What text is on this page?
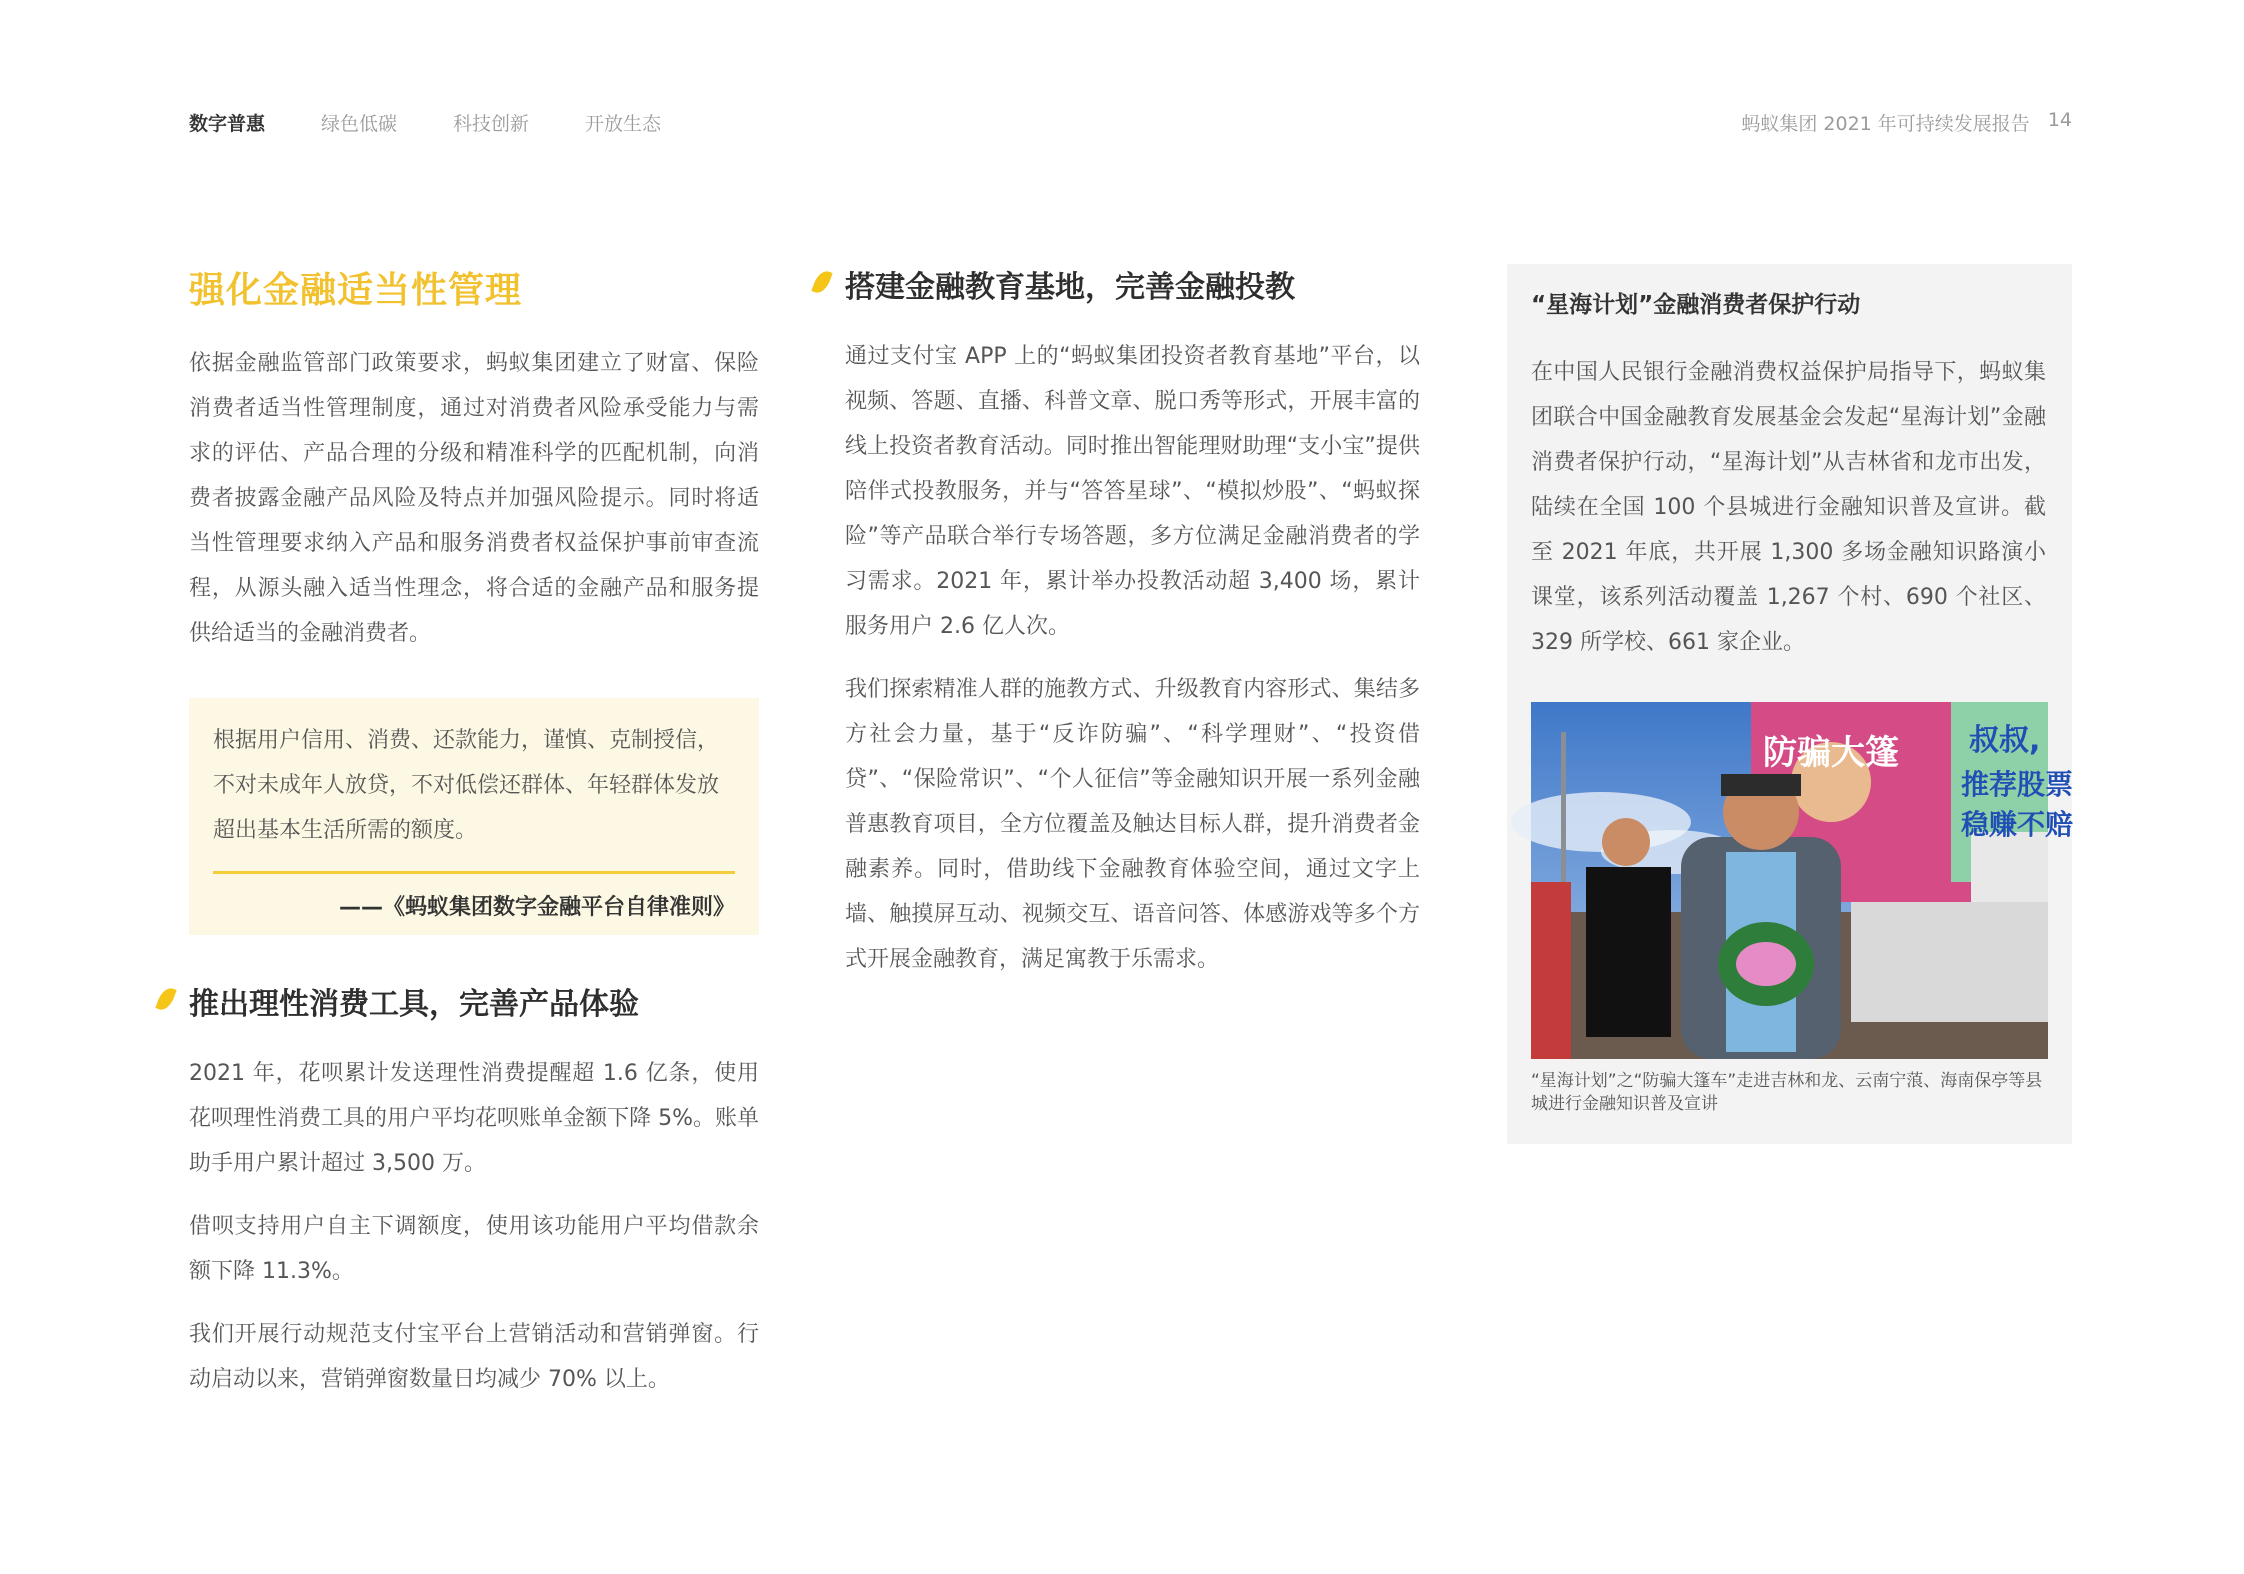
数字普惠	绿色低碳	科技创新	开放生态	蚂蚁集团 2021 年可持续发展报告 14
强化金融适当性管理

依据金融监管部门政策要求，蚂蚁集团建立了财富、保险消费者适当性管理制度，通过对消费者风险承受能力与需求的评估、产品合理的分级和精准科学的匹配机制，向消费者披露金融产品风险及特点并加强风险提示。同时将适当性管理要求纳入产品和服务消费者权益保护事前审查流程，从源头融入适当性理念，将合适的金融产品和服务提供给适当的金融消费者。

根据用户信用、消费、还款能力，谨慎、克制授信，不对未成年人放贷，不对低偿还群体、年轻群体发放超出基本生活所需的额度。

——《蚂蚁集团数字金融平台自律准则》
推出理性消费工具，完善产品体验

2021 年，花呗累计发送理性消费提醒超 1.6 亿条，使用花呗理性消费工具的用户平均花呗账单金额下降 5%。账单助手用户累计超过 3,500 万。

借呗支持用户自主下调额度，使用该功能用户平均借款余额下降 11.3%。

我们开展行动规范支付宝平台上营销活动和营销弹窗。行动启动以来，营销弹窗数量日均减少 70% 以上。

搭建金融教育基地，完善金融投教

通过支付宝 APP 上的“蚂蚁集团投资者教育基地”平台，以视频、答题、直播、科普文章、脱口秀等形式，开展丰富的线上投资者教育活动。同时推出智能理财助理“支小宝”提供陪伴式投教服务，并与“答答星球”、“模拟炒股”、“蚂蚁探险”等产品联合举行专场答题，多方位满足金融消费者的学习需求。2021 年，累计举办投教活动超 3,400 场，累计服务用户 2.6 亿人次。

我们探索精准人群的施教方式、升级教育内容形式、集结多方社会力量，基于“反诈防骗”、“科学理财”、“投资借贷”、“保险常识”、“个人征信”等金融知识开展一系列金融普惠教育项目，全方位覆盖及触达目标人群，提升消费者金融素养。同时，借助线下金融教育体验空间，通过文字上墙、触摸屏互动、视频交互、语音问答、体感游戏等多个方式开展金融教育，满足寓教于乐需求。

“星海计划”金融消费者保护行动

在中国人民银行金融消费权益保护局指导下，蚂蚁集团联合中国金融教育发展基金会发起“星海计划”金融消费者保护行动，“星海计划”从吉林省和龙市出发，陆续在全国 100 个县城进行金融知识普及宣讲。截至 2021 年底，共开展 1,300 多场金融知识路演小课堂，该系列活动覆盖 1,267 个村、690 个社区、329 所学校、661 家企业。

防骗大篷 叔叔,
推荐股票
稳赚不赔

“星海计划”之“防骗大篷车”走进吉林和龙、云南宁蒗、海南保亭等县城进行金融知识普及宣讲
